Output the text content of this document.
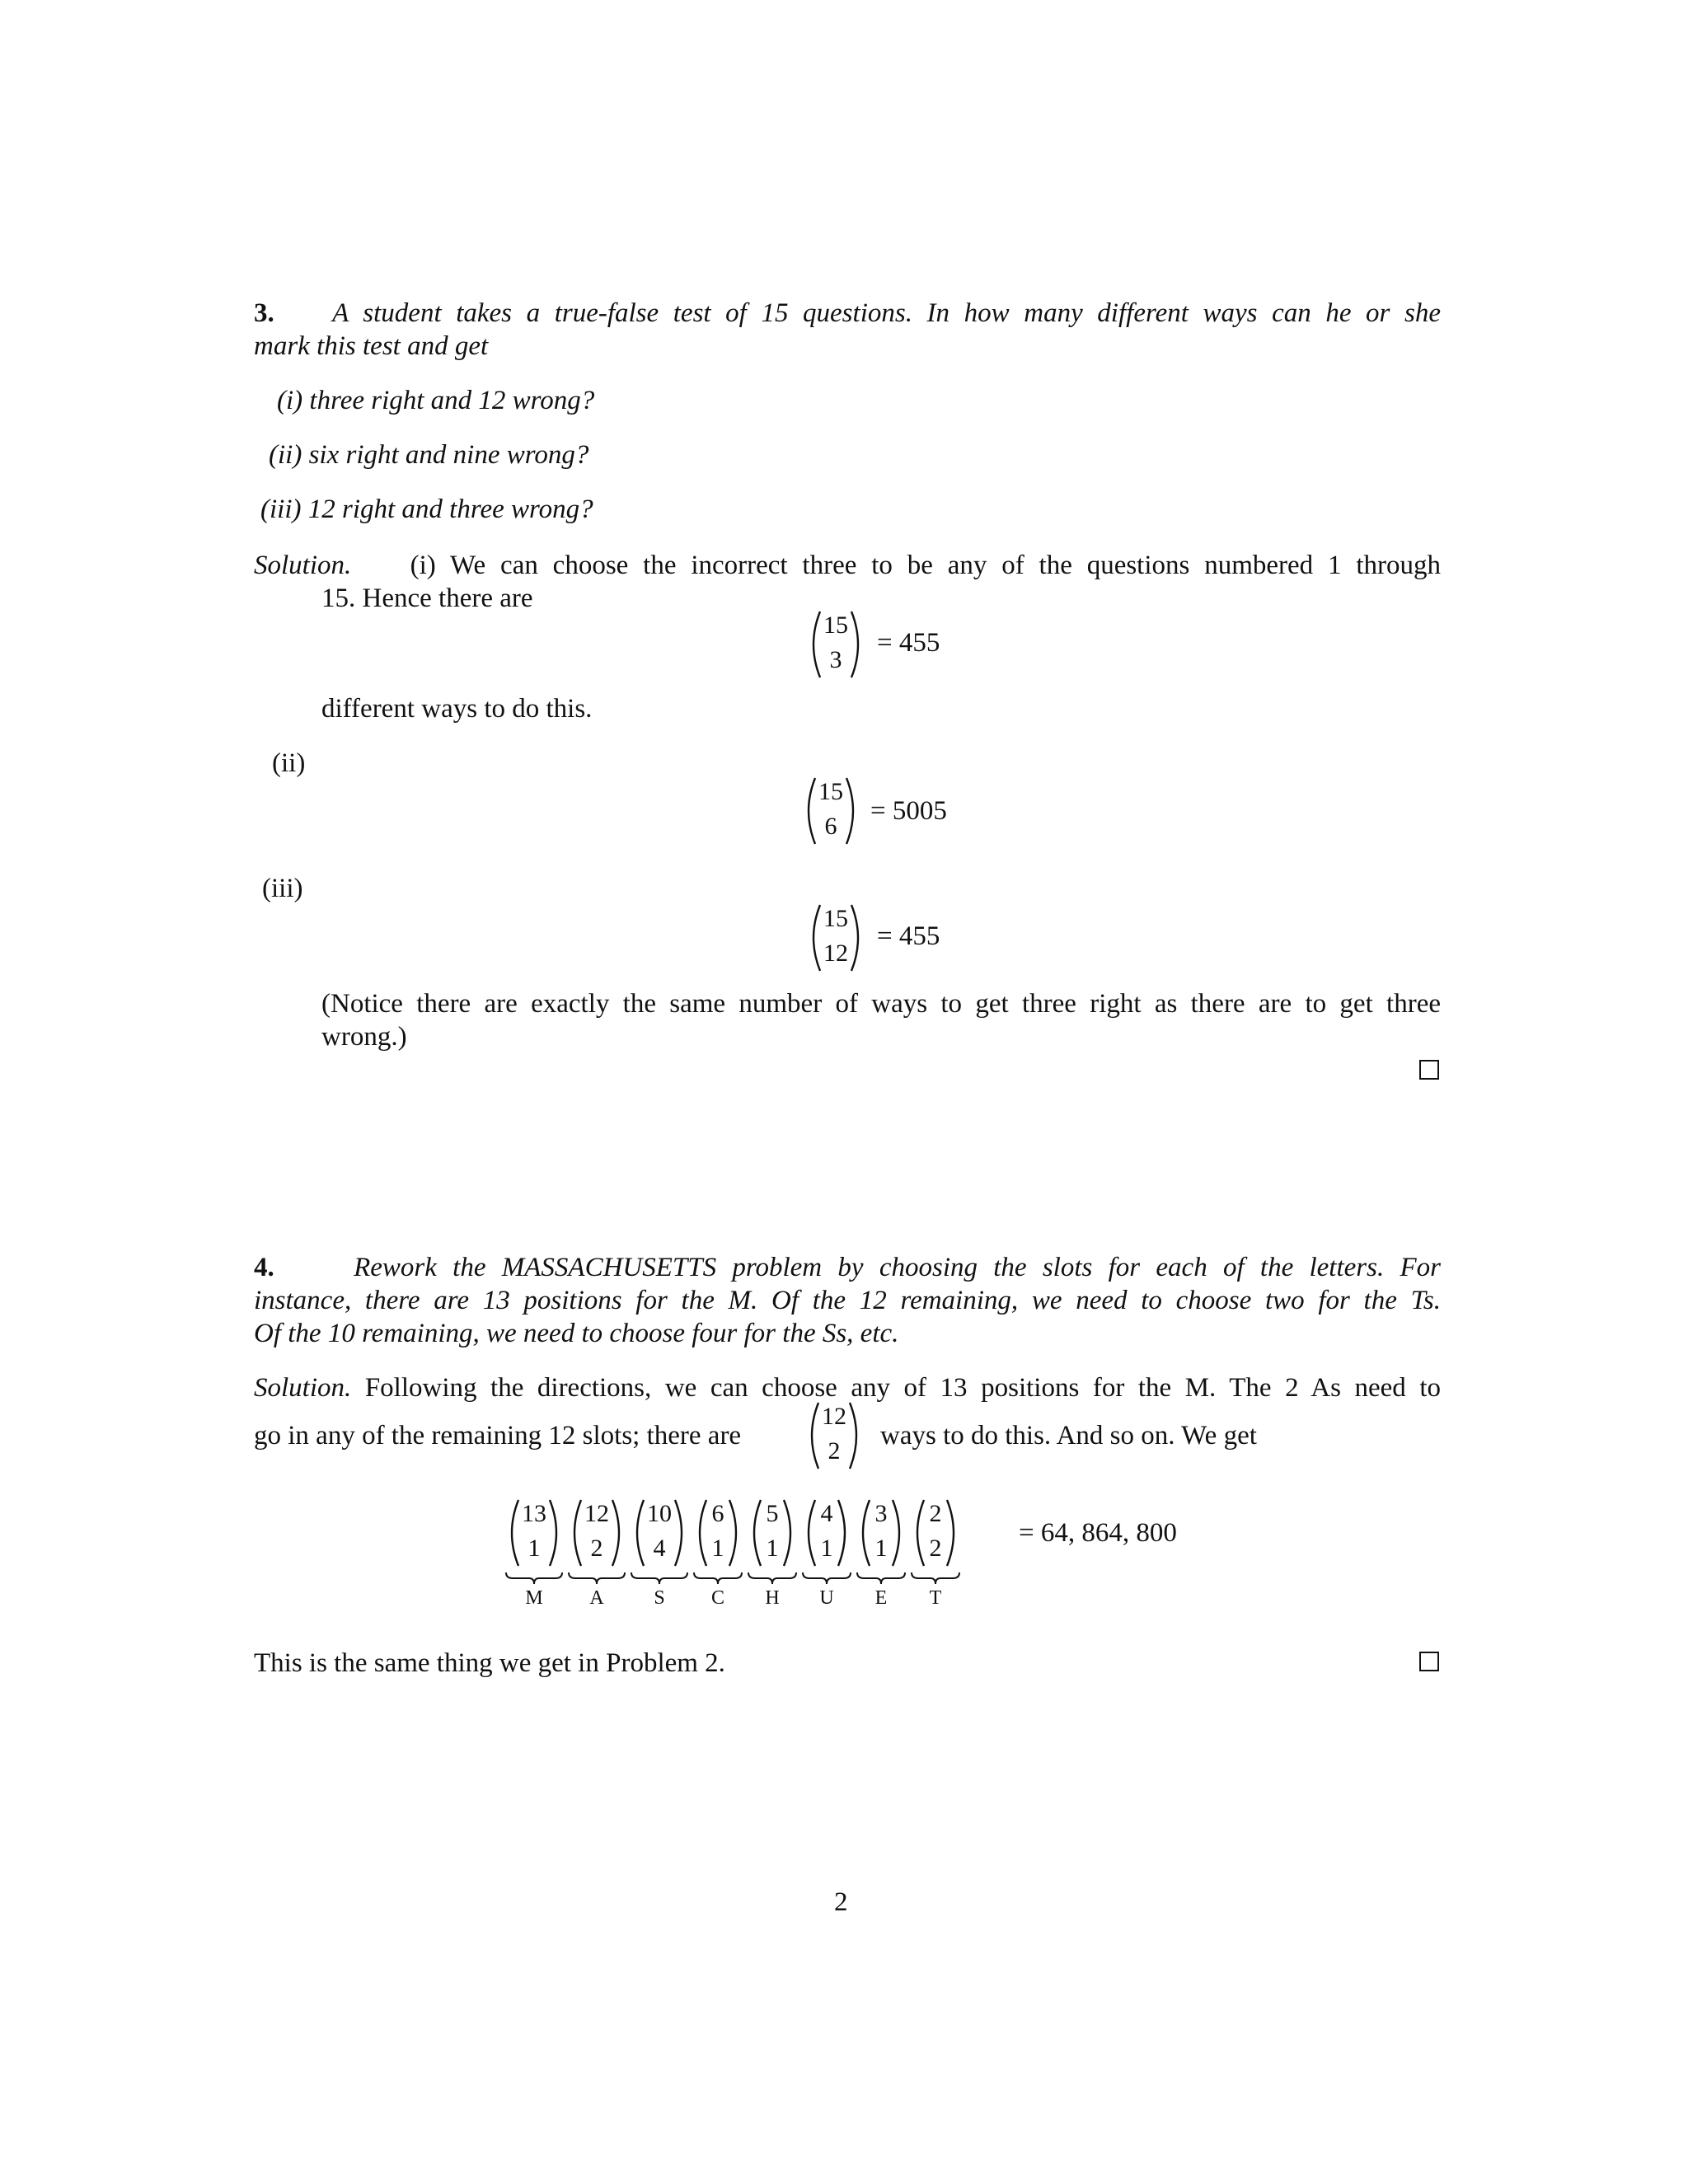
3. A student takes a true-false test of 15 questions. In how many different ways can he or she
mark this test and get
(i) three right and 12 wrong?
(ii) six right and nine wrong?
(iii) 12 right and three wrong?
Solution. (i) We can choose the incorrect three to be any of the questions numbered 1 through
15. Hence there are
15
3
= 455
different ways to do this.
(ii)
15
6
= 5005
(iii)
15
12
= 455
(Notice there are exactly the same number of ways to get three right as there are to get three
wrong.)
4.	Rework the MASSACHUSETTS problem by choosing the slots for each of the letters. For
instance, there are 13 positions for the M. Of the 12 remaining, we need to choose two for the Ts.
Of the 10 remaining, we need to choose four for the Ss, etc.
Solution. Following the directions, we can choose any of 13 positions for the M. The 2 As need to
go in any of the remaining 12 slots; there are
12
2
ways to do this. And so on. We get
13
1
M
12
2
A
10
4
S
6
1
C
5
1
H
4
1
U
3
1
E
2
2
T
= 64, 864, 800
This is the same thing we get in Problem 2.
2
